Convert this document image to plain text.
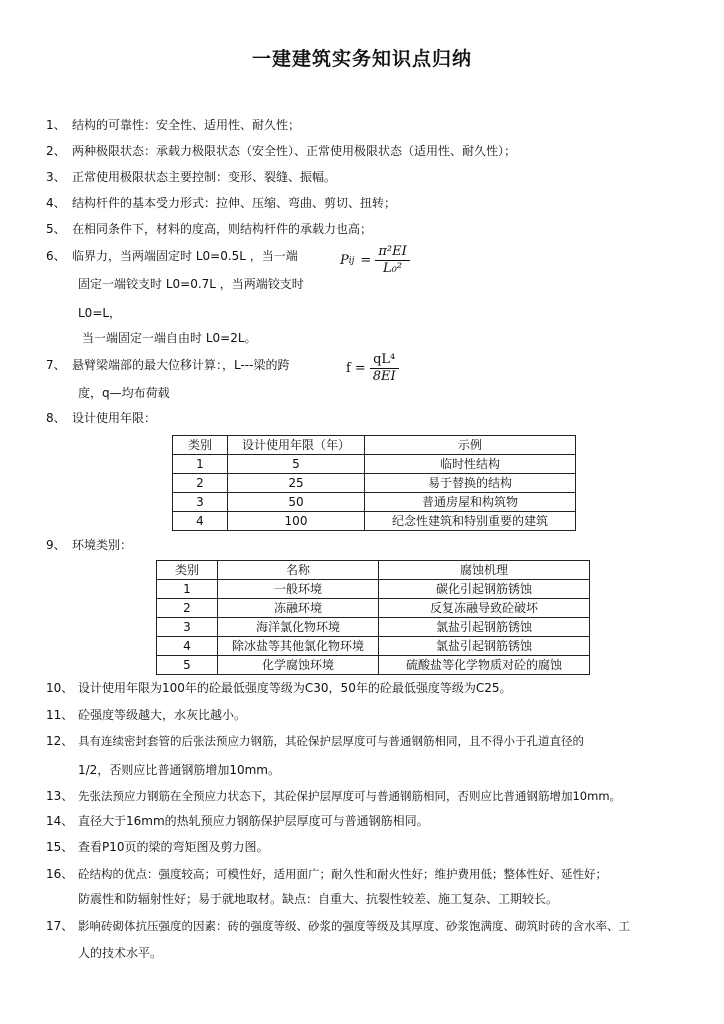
一建建筑实务知识点归纳
1、 结构的可靠性：安全性、适用性、耐久性；
2、 两种极限状态：承载力极限状态（安全性）、正常使用极限状态（适用性、耐久性）；
3、 正常使用极限状态主要控制：变形、裂缝、振幅。
4、 结构杆件的基本受力形式：拉伸、压缩、弯曲、剪切、扭转；
5、 在相同条件下，材料的度高，则结构杆件的承载力也高；
6、 临界力，当两端固定时 L0=0.5L ，当一端	P ij = $\frac{\text{π²EI}}{\text{L₀²}}$
固定一端铰支时 L0=0.7L ，当两端铰支时
L0=L，
当一端固定一端自由时 L0=2L。
7、 悬臂梁端部的最大位移计算：，L---梁的跨	$f = \frac{\text{qL⁴}}{8EI}$
度，q—均布荷载
8、 设计使用年限：
类别	设计使用年限（年）	示例
1	5	临时性结构
2	25	易于替换的结构
3	50	普通房屋和构筑物
4	100	纪念性建筑和特别重要的建筑
9、 环境类别：
类别	名称	腐蚀机理
1	一般环境	碳化引起钢筋锈蚀
2	冻融环境	反复冻融导致砼破坏
3	海洋氯化物环境	氯盐引起钢筋锈蚀
4	除冰盐等其他氯化物环境	氯盐引起钢筋锈蚀
5	化学腐蚀环境	硫酸盐等化学物质对砼的腐蚀
10、 设计使用年限为100年的砼最低强度等级为C30，50年的砼最低强度等级为C25。
11、 砼强度等级越大，水灰比越小。
12、 具有连续密封套管的后张法预应力钢筋，其砼保护层厚度可与普通钢筋相同，且不得小于孔道直径的
1/2，否则应比普通钢筋增加10mm。
13、 先张法预应力钢筋在全预应力状态下，其砼保护层厚度可与普通钢筋相同，否则应比普通钢筋增加10mm。
14、 直径大于16mm的热轧预应力钢筋保护层厚度可与普通钢筋相同。
15、 查看P10页的梁的弯矩图及剪力图。
16、 砼结构的优点：强度较高；可模性好，适用面广；耐久性和耐火性好；维护费用低；整体性好、延性好；
防震性和防辐射性好；易于就地取材。缺点：自重大、抗裂性较差、施工复杂、工期较长。
17、 影响砖砌体抗压强度的因素：砖的强度等级、砂浆的强度等级及其厚度、砂浆饱满度、砌筑时砖的含水率、工
人的技术水平。
